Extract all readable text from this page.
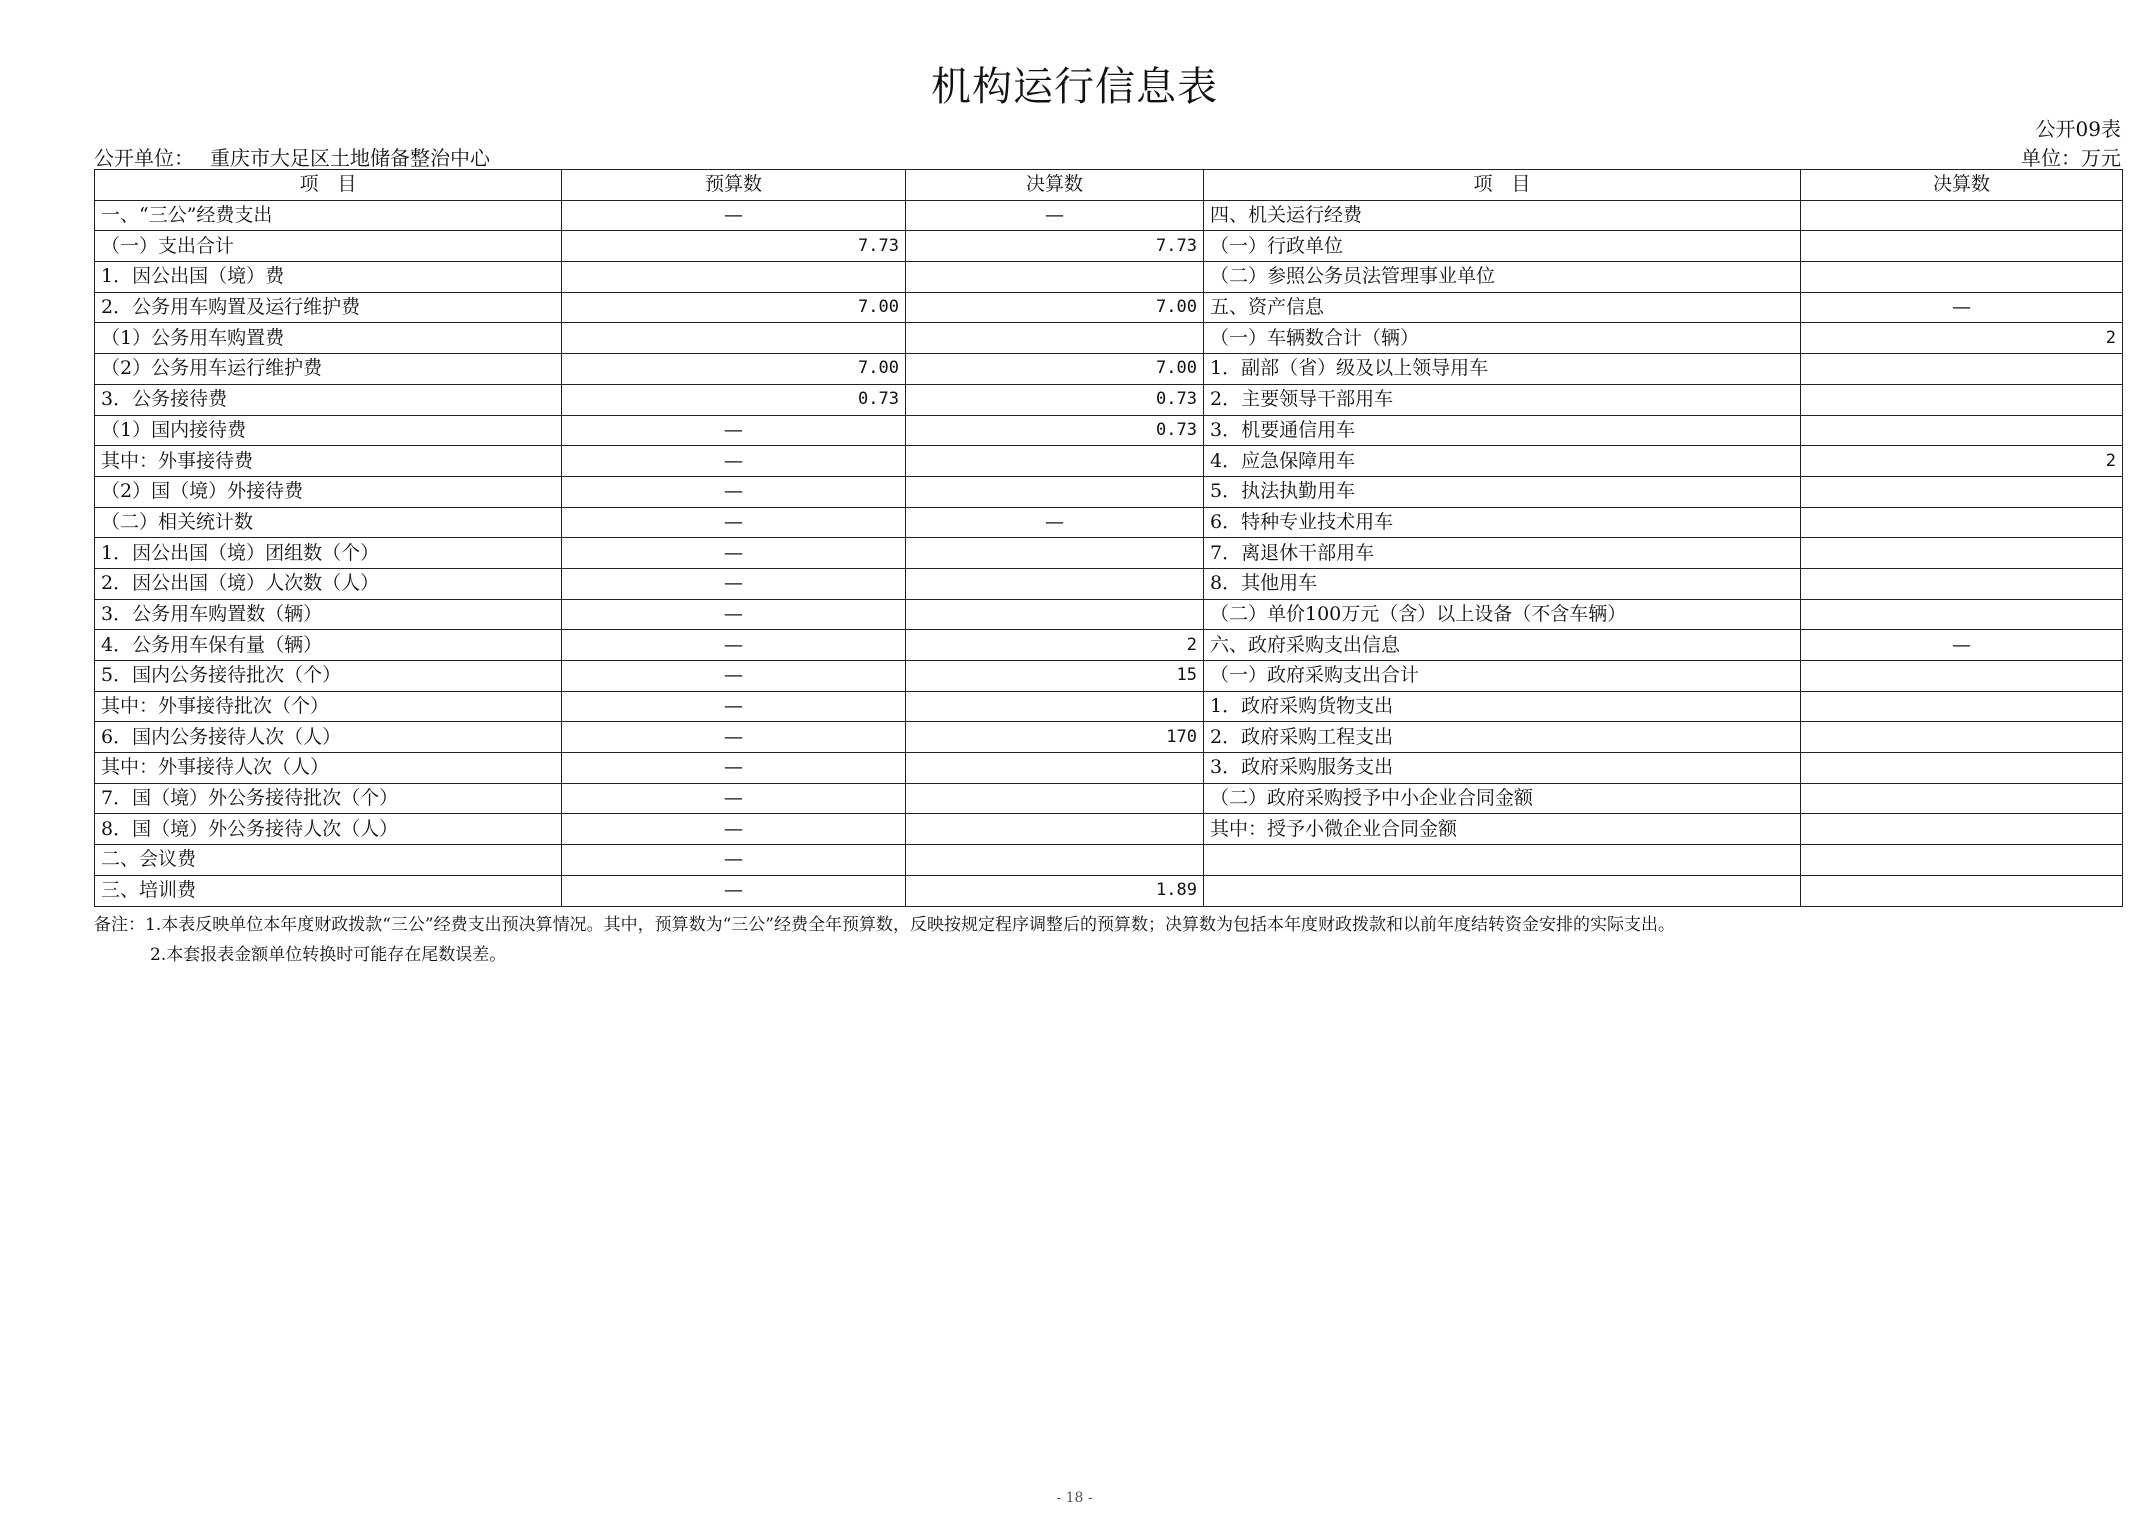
机构运行信息表
公开09表
公开单位： 重庆市大足区土地储备整治中心	单位：万元
项　目	预算数	决算数	项　目	决算数
一、“三公”经费支出	—	—	四、机关运行经费	
（一）支出合计	7.73	7.73	（一）行政单位	
1．因公出国（境）费			（二）参照公务员法管理事业单位	
2．公务用车购置及运行维护费	7.00	7.00	五、资产信息	—
（1）公务用车购置费			（一）车辆数合计（辆）	2
（2）公务用车运行维护费	7.00	7.00	1．副部（省）级及以上领导用车	
3．公务接待费	0.73	0.73	2．主要领导干部用车	
（1）国内接待费	—	0.73	3．机要通信用车	
其中：外事接待费	—		4．应急保障用车	2
（2）国（境）外接待费	—		5．执法执勤用车	
（二）相关统计数	—	—	6．特种专业技术用车	
1．因公出国（境）团组数（个）	—		7．离退休干部用车	
2．因公出国（境）人次数（人）	—		8．其他用车	
3．公务用车购置数（辆）	—		（二）单价100万元（含）以上设备（不含车辆）	
4．公务用车保有量（辆）	—	2	六、政府采购支出信息	—
5．国内公务接待批次（个）	—	15	（一）政府采购支出合计	
其中：外事接待批次（个）	—		1．政府采购货物支出	
6．国内公务接待人次（人）	—	170	2．政府采购工程支出	
其中：外事接待人次（人）	—		3．政府采购服务支出	
7．国（境）外公务接待批次（个）	—		（二）政府采购授予中小企业合同金额	
8．国（境）外公务接待人次（人）	—		其中：授予小微企业合同金额	
二、会议费	—			
三、培训费	—	1.89		
备注：1.本表反映单位本年度财政拨款“三公”经费支出预决算情况。其中，预算数为“三公”经费全年预算数，反映按规定程序调整后的预算数；决算数为包括本年度财政拨款和以前年度结转资金安排的实际支出。
2.本套报表金额单位转换时可能存在尾数误差。
- 18 -
